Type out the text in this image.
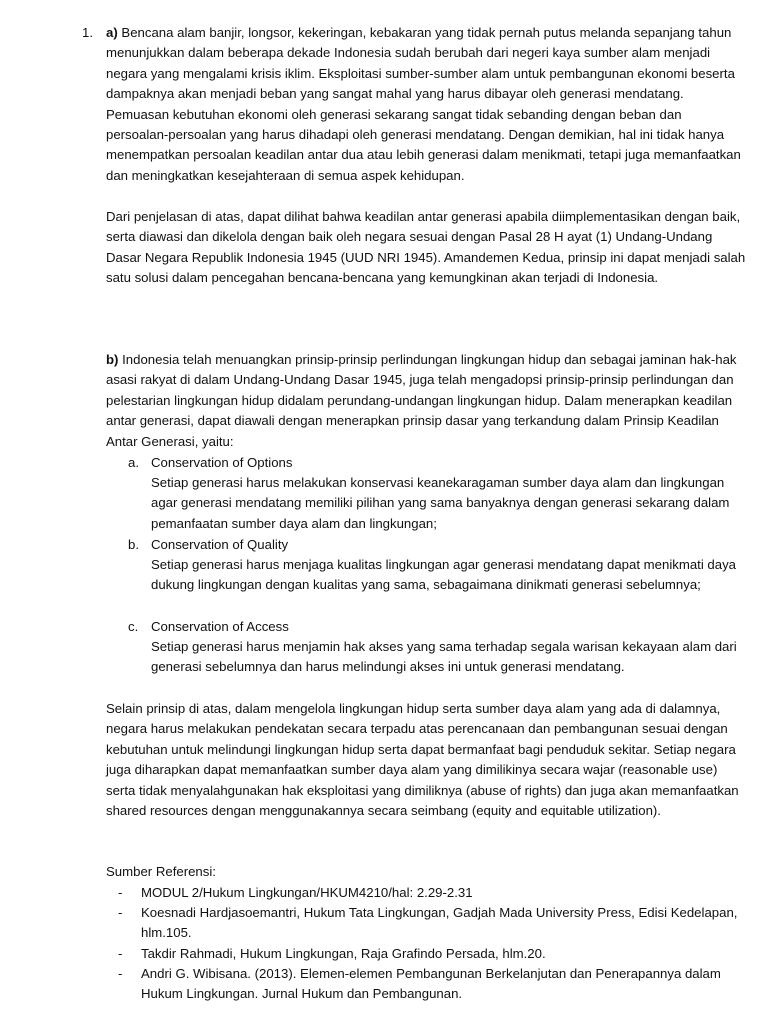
1. a) Bencana alam banjir, longsor, kekeringan, kebakaran yang tidak pernah putus melanda sepanjang tahun menunjukkan dalam beberapa dekade Indonesia sudah berubah dari negeri kaya sumber alam menjadi negara yang mengalami krisis iklim. Eksploitasi sumber-sumber alam untuk pembangunan ekonomi beserta dampaknya akan menjadi beban yang sangat mahal yang harus dibayar oleh generasi mendatang. Pemuasan kebutuhan ekonomi oleh generasi sekarang sangat tidak sebanding dengan beban dan persoalan-persoalan yang harus dihadapi oleh generasi mendatang. Dengan demikian, hal ini tidak hanya menempatkan persoalan keadilan antar dua atau lebih generasi dalam menikmati, tetapi juga memanfaatkan dan meningkatkan kesejahteraan di semua aspek kehidupan.

Dari penjelasan di atas, dapat dilihat bahwa keadilan antar generasi apabila diimplementasikan dengan baik, serta diawasi dan dikelola dengan baik oleh negara sesuai dengan Pasal 28 H ayat (1) Undang-Undang Dasar Negara Republik Indonesia 1945 (UUD NRI 1945). Amandemen Kedua, prinsip ini dapat menjadi salah satu solusi dalam pencegahan bencana-bencana yang kemungkinan akan terjadi di Indonesia.

b) Indonesia telah menuangkan prinsip-prinsip perlindungan lingkungan hidup dan sebagai jaminan hak-hak asasi rakyat di dalam Undang-Undang Dasar 1945, juga telah mengadopsi prinsip-prinsip perlindungan dan pelestarian lingkungan hidup didalam perundang-undangan lingkungan hidup. Dalam menerapkan keadilan antar generasi, dapat diawali dengan menerapkan prinsip dasar yang terkandung dalam Prinsip Keadilan Antar Generasi, yaitu:

a. Conservation of Options
Setiap generasi harus melakukan konservasi keanekaragaman sumber daya alam dan lingkungan agar generasi mendatang memiliki pilihan yang sama banyaknya dengan generasi sekarang dalam pemanfaatan sumber daya alam dan lingkungan;
b. Conservation of Quality
Setiap generasi harus menjaga kualitas lingkungan agar generasi mendatang dapat menikmati daya dukung lingkungan dengan kualitas yang sama, sebagaimana dinikmati generasi sebelumnya;
c. Conservation of Access
Setiap generasi harus menjamin hak akses yang sama terhadap segala warisan kekayaan alam dari generasi sebelumnya dan harus melindungi akses ini untuk generasi mendatang.

Selain prinsip di atas, dalam mengelola lingkungan hidup serta sumber daya alam yang ada di dalamnya, negara harus melakukan pendekatan secara terpadu atas perencanaan dan pembangunan sesuai dengan kebutuhan untuk melindungi lingkungan hidup serta dapat bermanfaat bagi penduduk sekitar. Setiap negara juga diharapkan dapat memanfaatkan sumber daya alam yang dimilikinya secara wajar (reasonable use) serta tidak menyalahgunakan hak eksploitasi yang dimiliknya (abuse of rights) dan juga akan memanfaatkan shared resources dengan menggunakannya secara seimbang (equity and equitable utilization).

Sumber Referensi:
- MODUL 2/Hukum Lingkungan/HKUM4210/hal: 2.29-2.31
- Koesnadi Hardjasoemantri, Hukum Tata Lingkungan, Gadjah Mada University Press, Edisi Kedelapan, hlm.105.
- Takdir Rahmadi, Hukum Lingkungan, Raja Grafindo Persada, hlm.20.
- Andri G. Wibisana. (2013). Elemen-elemen Pembangunan Berkelanjutan dan Penerapannya dalam Hukum Lingkungan. Jurnal Hukum dan Pembangunan.
